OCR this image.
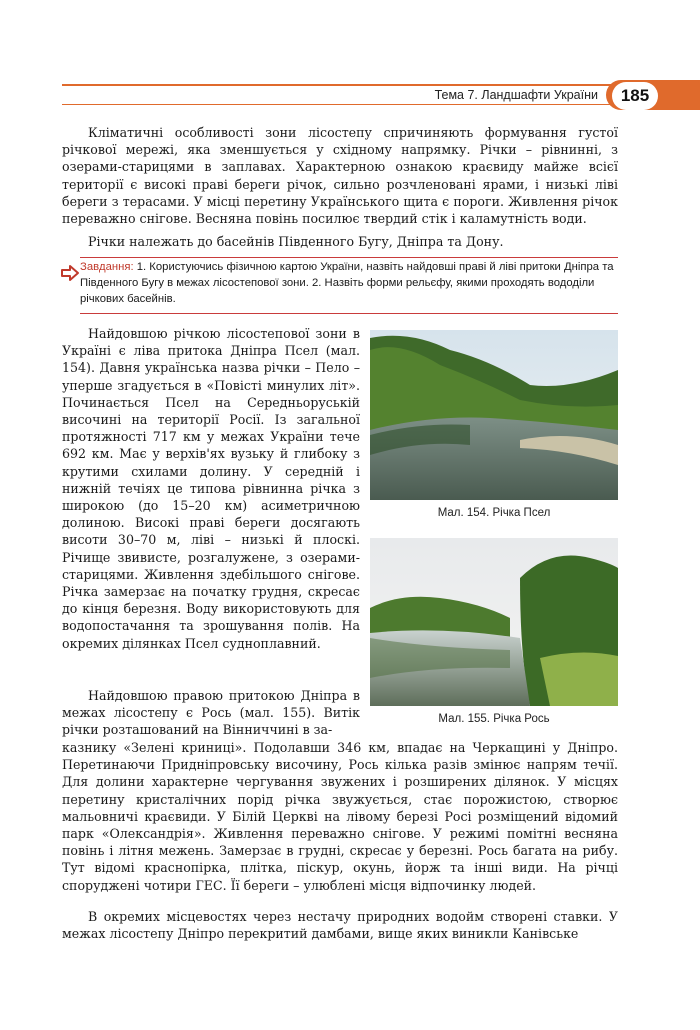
Тема 7. Ландшафти України	185

Кліматичні особливості зони лісостепу спричиняють формування густої річкової мережі, яка зменшується у східному напрямку. Річки – рівнинні, з озерами-старицями в заплавах. Характерною ознакою краєвиду майже всієї території є високі праві береги річок, сильно розчленовані ярами, і низькі ліві береги з терасами. У місці перетину Українського щита є пороги. Живлення річок переважно снігове. Весняна повінь посилює твердий стік і каламутність води.

Річки належать до басейнів Південного Бугу, Дніпра та Дону.

Завдання: 1. Користуючись фізичною картою України, назвіть найдовші праві й ліві притоки Дніпра та Південного Бугу в межах лісостепової зони. 2. Назвіть форми рельєфу, якими проходять вододіли річкових басейнів.

Найдовшою річкою лісостепової зони в Україні є ліва притока Дніпра Псел (мал. 154). Давня українська назва річки – Пело – уперше згадується в «Повісті минулих літ». Починається Псел на Середньоруській височині на території Росії. Із загальної протяжності 717 км у межах України тече 692 км. Має у верхів'ях вузьку й глибоку з крутими схилами долину. У середній і нижній течіях це типова рівнинна річка з широкою (до 15–20 км) асиметричною долиною. Високі праві береги досягають висоти 30–70 м, ліві – низькі й плоскі. Річище звивисте, розгалужене, з озерами-старицями. Живлення здебільшого снігове. Річка замерзає на початку грудня, скресає до кінця березня. Воду використовують для водопостачання та зрошування полів. На окремих ділянках Псел судноплавний.

Мал. 154. Річка Псел
Мал. 155. Річка Рось

Найдовшою правою притокою Дніпра в межах лісостепу є Рось (мал. 155). Витік річки розташований на Вінниччині в за-

казнику «Зелені криниці». Подолавши 346 км, впадає на Черкащині у Дніпро. Перетинаючи Придніпровську височину, Рось кілька разів змінює напрям течії. Для долини характерне чергування звужених і розширених ділянок. У місцях перетину кристалічних порід річка звужується, стає порожистою, створює мальовничі краєвиди. У Білій Церкві на лівому березі Росі розміщений відомий парк «Олександрія». Живлення переважно снігове. У режимі помітні весняна повінь і літня межень. Замерзає в грудні, скресає у березні. Рось багата на рибу. Тут відомі краснопірка, плітка, піскур, окунь, йорж та інші види. На річці споруджені чотири ГЕС. Її береги – улюблені місця відпочинку людей.

В окремих місцевостях через нестачу природних водойм створені ставки. У межах лісостепу Дніпро перекритий дамбами, вище яких виникли Канівське
